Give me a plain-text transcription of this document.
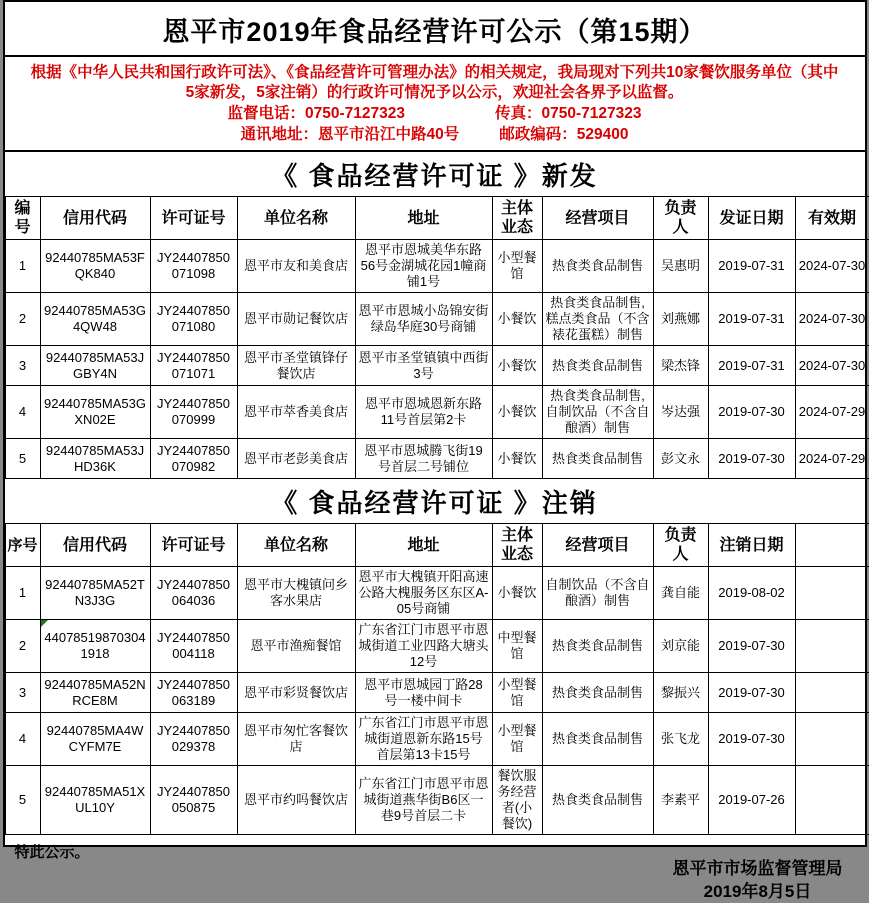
恩平市2019年食品经营许可公示（第15期）

根据《中华人民共和国行政许可法》、《食品经营许可管理办法》的相关规定，我局现对下列共10家餐饮服务单位（其中5家新发，5家注销）的行政许可情况予以公示，欢迎社会各界予以监督。

监督电话：0750-7127323	传真：0750-7127323
通讯地址：恩平市沿江中路40号	邮政编码：529400
《 食品经营许可证 》新发
编号	信用代码	许可证号	单位名称	地址	主体业态	经营项目	负责人	发证日期	有效期
1	92440785MA53FQK840	JY24407850071098	恩平市友和美食店	恩平市恩城美华东路56号金湖城花园1幢商铺1号	小型餐馆	热食类食品制售	吴惠明	2019-07-31	2024-07-30
2	92440785MA53G4QW48	JY24407850071080	恩平市勋记餐饮店	恩平市恩城小岛锦安街绿岛华庭30号商铺	小餐饮	热食类食品制售,糕点类食品（不含裱花蛋糕）制售	刘燕娜	2019-07-31	2024-07-30
3	92440785MA53JGBY4N	JY24407850071071	恩平市圣堂镇锋仔餐饮店	恩平市圣堂镇镇中西街3号	小餐饮	热食类食品制售	梁杰锋	2019-07-31	2024-07-30
4	92440785MA53GXN02E	JY24407850070999	恩平市萃香美食店	恩平市恩城恩新东路11号首层第2卡	小餐饮	热食类食品制售,自制饮品（不含自酿酒）制售	岑达强	2019-07-30	2024-07-29
5	92440785MA53JHD36K	JY24407850070982	恩平市老彭美食店	恩平市恩城腾飞街19号首层二号铺位	小餐饮	热食类食品制售	彭文永	2019-07-30	2024-07-29
《 食品经营许可证 》注销
序号	信用代码	许可证号	单位名称	地址	主体业态	经营项目	负责人	注销日期	
1	92440785MA52TN3J3G	JY24407850064036	恩平市大槐镇问乡客水果店	恩平市大槐镇开阳高速公路大槐服务区东区A-05号商铺	小餐饮	自制饮品（不含自酿酒）制售	龚自能	2019-08-02	
2	440785198703041918	JY24407850004118	恩平市渔痴餐馆	广东省江门市恩平市恩城街道工业四路大塘头12号	中型餐馆	热食类食品制售	刘京能	2019-07-30	
3	92440785MA52NRCE8M	JY24407850063189	恩平市彩贤餐饮店	恩平市恩城园丁路28号一楼中间卡	小型餐馆	热食类食品制售	黎振兴	2019-07-30	
4	92440785MA4WCYFM7E	JY24407850029378	恩平市匆忙客餐饮店	广东省江门市恩平市恩城街道恩新东路15号首层第13卡15号	小型餐馆	热食类食品制售	张飞龙	2019-07-30	
5	92440785MA51XUL10Y	JY24407850050875	恩平市约吗餐饮店	广东省江门市恩平市恩城街道燕华街B6区一巷9号首层二卡	餐饮服务经营者(小餐饮)	热食类食品制售	李素平	2019-07-26	
特此公示。
恩平市市场监督管理局
2019年8月5日
